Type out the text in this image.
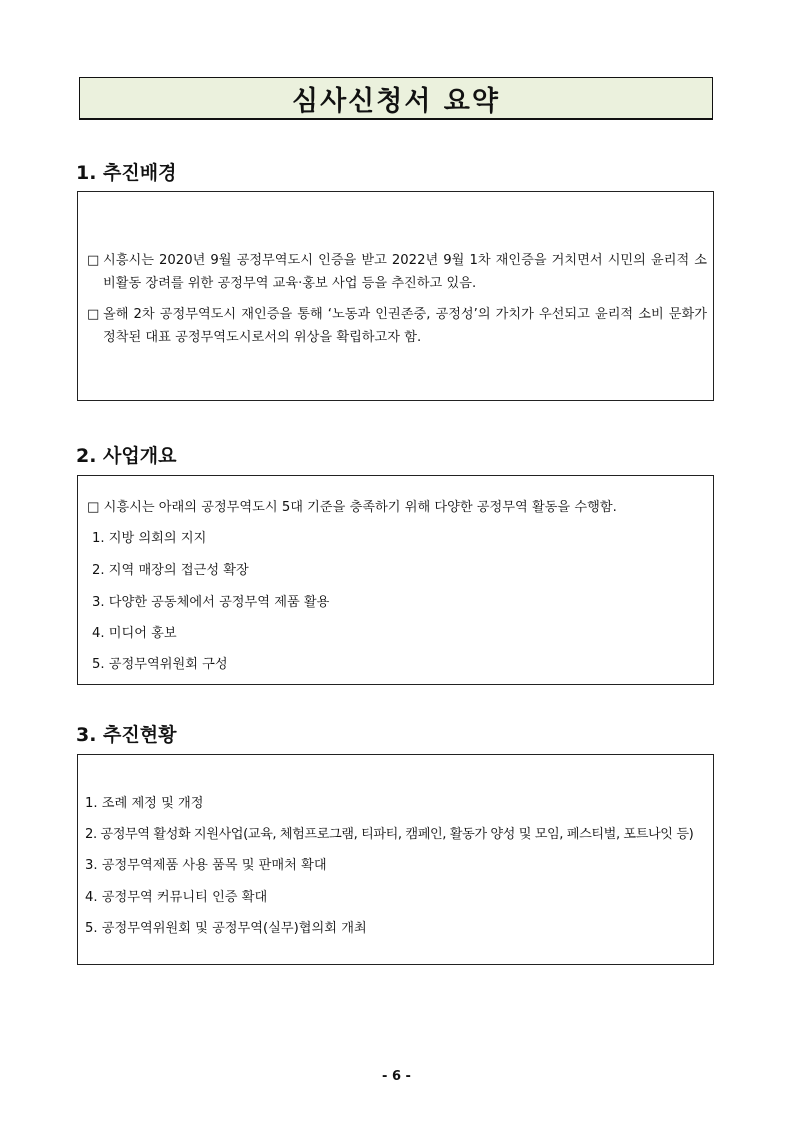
심사신청서 요약
1. 추진배경
□ 시흥시는 2020년 9월 공정무역도시 인증을 받고 2022년 9월 1차 재인증을 거치면서 시민의 윤리적 소비활동 장려를 위한 공정무역 교육·홍보 사업 등을 추진하고 있음.
□ 올해 2차 공정무역도시 재인증을 통해 ‘노동과 인권존중, 공정성’의 가치가 우선되고 윤리적 소비 문화가 정착된 대표 공정무역도시로서의 위상을 확립하고자 함.
2. 사업개요
□ 시흥시는 아래의 공정무역도시 5대 기준을 충족하기 위해 다양한 공정무역 활동을 수행함.
1. 지방 의회의 지지
2. 지역 매장의 접근성 확장
3. 다양한 공동체에서 공정무역 제품 활용
4. 미디어 홍보
5. 공정무역위원회 구성
3. 추진현황
1. 조례 제정 및 개정
2. 공정무역 활성화 지원사업(교육, 체험프로그램, 티파티, 캠페인, 활동가 양성 및 모임, 페스티벌, 포트나잇 등)
3. 공정무역제품 사용 품목 및 판매처 확대
4. 공정무역 커뮤니티 인증 확대
5. 공정무역위원회 및 공정무역(실무)협의회 개최
- 6 -
